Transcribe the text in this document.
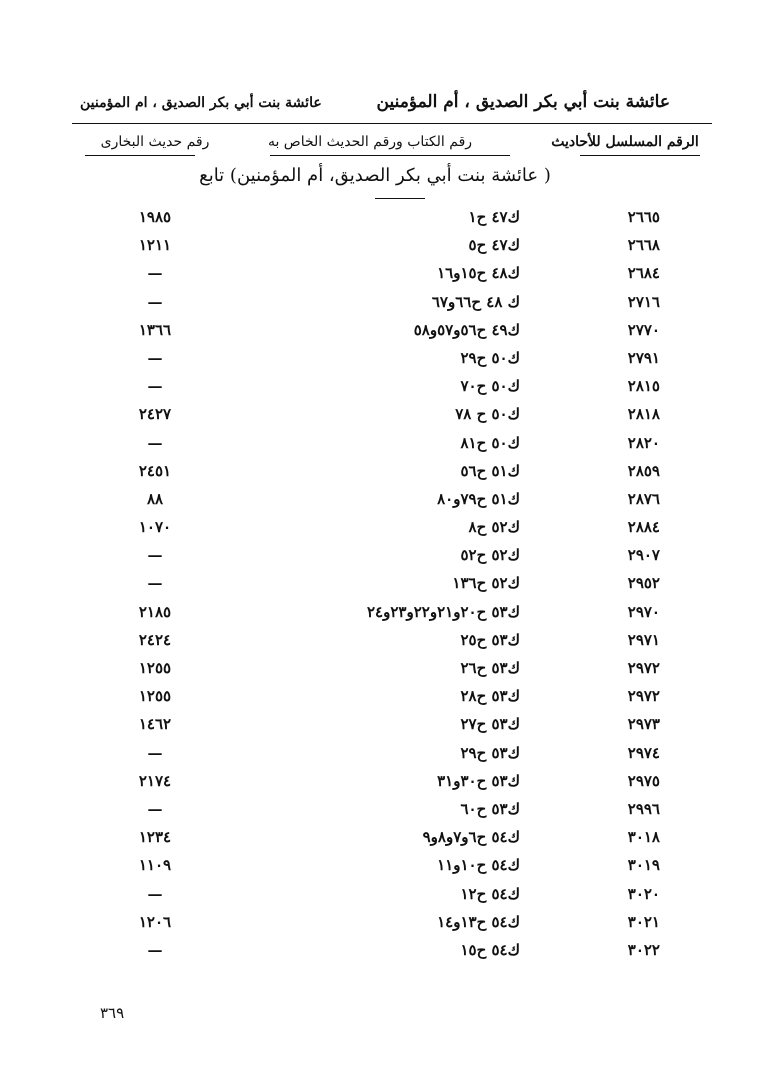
عائشة بنت أبي بكر الصديق ، أم المؤمنين
عائشة بنت أبي بكر الصديق ، ام المؤمنين
الرقم المسلسل للأحاديث
رقم الكتاب ورقم الحديث الخاص به
رقم حديث البخارى
( عائشة بنت أبي بكر الصديق، أم المؤمنين) تابع
٢٦٦٥
ك٤٧ ح١
١٩٨٥
٢٦٦٨
ك٤٧ ح٥
١٢١١
٢٦٨٤
ك٤٨ ح١٥و١٦
—
٢٧١٦
ك ٤٨ ح٦٦و٦٧
—
٢٧٧٠
ك٤٩ ح٥٦و٥٧و٥٨
١٣٦٦
٢٧٩١
ك٥٠ ح٢٩
—
٢٨١٥
ك٥٠ ح٧٠
—
٢٨١٨
ك٥٠ ح ٧٨
٢٤٢٧
٢٨٢٠
ك٥٠ ح٨١
—
٢٨٥٩
ك٥١ ح٥٦
٢٤٥١
٢٨٧٦
ك٥١ ح٧٩و٨٠
٨٨
٢٨٨٤
ك٥٢ ح٨
١٠٧٠
٢٩٠٧
ك٥٢ ح٥٢
—
٢٩٥٢
ك٥٢ ح١٣٦
—
٢٩٧٠
ك٥٣ ح٢٠و٢١و٢٢و٢٣و٢٤
٢١٨٥
٢٩٧١
ك٥٣ ح٢٥
٢٤٢٤
٢٩٧٢
ك٥٣ ح٢٦
١٢٥٥
٢٩٧٢
ك٥٣ ح٢٨
١٢٥٥
٢٩٧٣
ك٥٣ ح٢٧
١٤٦٢
٢٩٧٤
ك٥٣ ح٢٩
—
٢٩٧٥
ك٥٣ ح٣٠و٣١
٢١٧٤
٢٩٩٦
ك٥٣ ح٦٠
—
٣٠١٨
ك٥٤ ح٦و٧و٨و٩
١٢٣٤
٣٠١٩
ك٥٤ ح١٠و١١
١١٠٩
٣٠٢٠
ك٥٤ ح١٢
—
٣٠٢١
ك٥٤ ح١٣و١٤
١٢٠٦
٣٠٢٢
ك٥٤ ح١٥
—
٣٦٩
